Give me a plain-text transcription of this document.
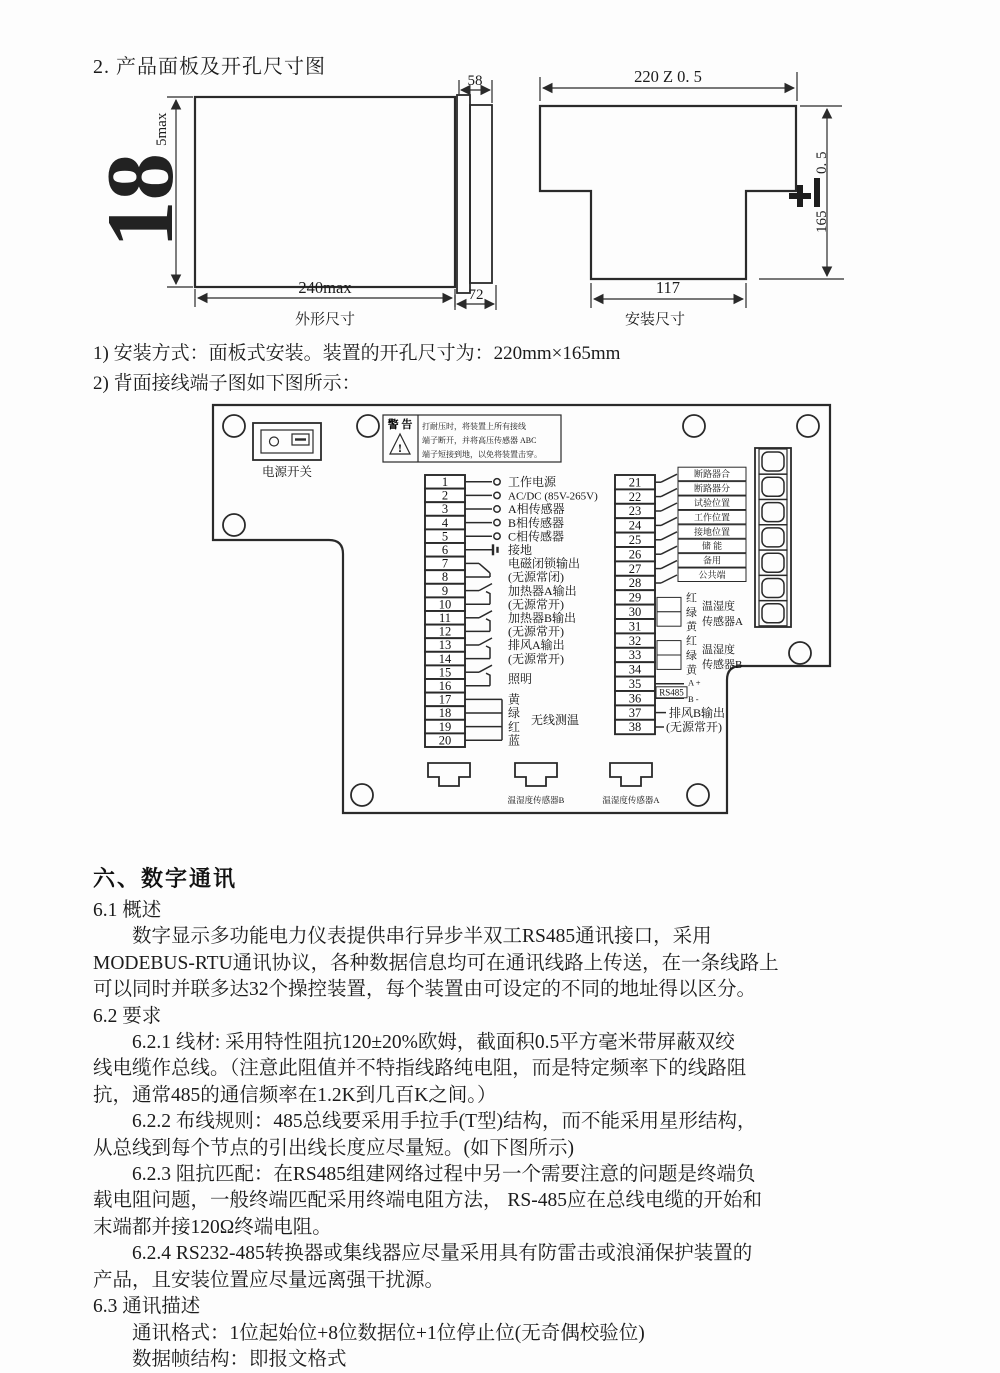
2. 产品面板及开孔尺寸图
18
5max
240max
外形尺寸
58
72
220 Z 0. 5
0. 5
165
117
安装尺寸
1) 安装方式：面板式安装。装置的开孔尺寸为：220mm×165mm
2) 背面接线端子图如下图所示：
电源开关
警 告
!
打耐压时，将装置上所有接线
端子断开，并将高压传感器 ABC
端子短接到地，以免将装置击穿。
1
2
3
4
5
6
7
8
9
10
11
12
13
14
15
16
17
18
19
20
工作电源
AC/DC (85V-265V)
A相传感器
B相传感器
C相传感器
接地
电磁闭锁输出
(无源常闭)
加热器A输出
(无源常开)
加热器B输出
(无源常开)
排风A输出
(无源常开)
照明
黄
绿
红
蓝
无线测温
21
22
23
24
25
26
27
28
29
30
31
32
33
34
35
36
37
38
断路器合
断路器分
试验位置
工作位置
接地位置
储 能
备用
公共端
红
绿
黄
温湿度
传感器A
红
绿
黄
温湿度
传感器B
RS485
A +
B -
排风B输出
(无源常开)
温湿度传感器B	温湿度传感器A
六、数字通讯
6.1 概述
　　数字显示多功能电力仪表提供串行异步半双工RS485通讯接口，采用
MODEBUS-RTU通讯协议，各种数据信息均可在通讯线路上传送，在一条线路上
可以同时并联多达32个操控装置，每个装置由可设定的不同的地址得以区分。
6.2 要求
　　6.2.1 线材: 采用特性阻抗120±20%欧姆，截面积0.5平方毫米带屏蔽双绞
线电缆作总线。（注意此阻值并不特指线路纯电阻，而是特定频率下的线路阻
抗，通常485的通信频率在1.2K到几百K之间。）
　　6.2.2 布线规则：485总线要采用手拉手(T型)结构，而不能采用星形结构，
从总线到每个节点的引出线长度应尽量短。(如下图所示)
　　6.2.3 阻抗匹配：在RS485组建网络过程中另一个需要注意的问题是终端负
载电阻问题，一般终端匹配采用终端电阻方法， RS-485应在总线电缆的开始和
末端都并接120Ω终端电阻。
　　6.2.4 RS232-485转换器或集线器应尽量采用具有防雷击或浪涌保护装置的
产品，且安装位置应尽量远离强干扰源。
6.3 通讯描述
　　通讯格式：1位起始位+8位数据位+1位停止位(无奇偶校验位)
　　数据帧结构：即报文格式
